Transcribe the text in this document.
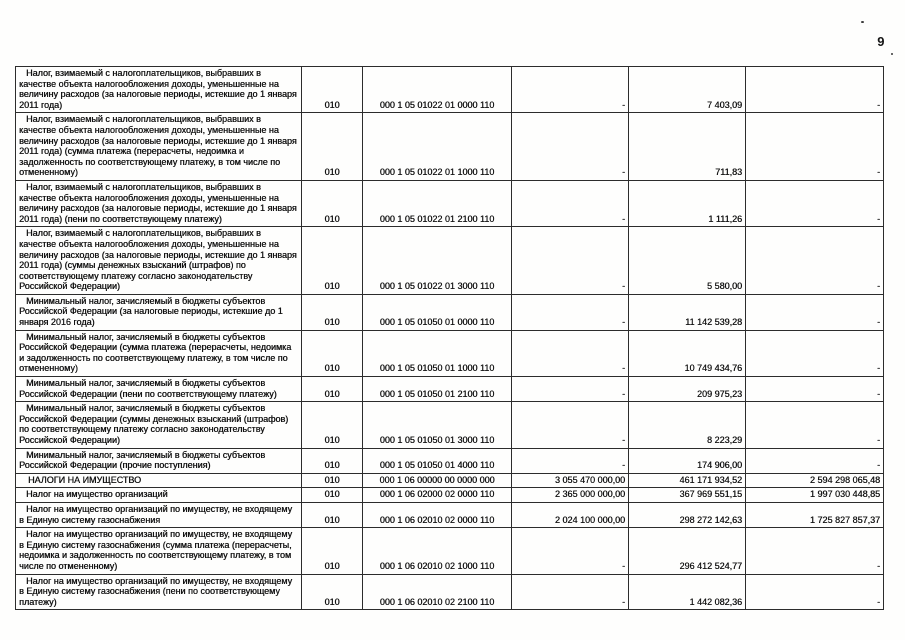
9
Налог, взимаемый с налогоплательщиков, выбравших в качестве объекта налогообложения доходы, уменьшенные на величину расходов (за налоговые периоды, истекшие до 1 января 2011 года)	010	000 1 05 01022 01 0000 110	-	7 403,09	-
Налог, взимаемый с налогоплательщиков, выбравших в качестве объекта налогообложения доходы, уменьшенные на величину расходов (за налоговые периоды, истекшие до 1 января 2011 года) (сумма платежа (перерасчеты, недоимка и задолженность по соответствующему платежу, в том числе по отмененному)	010	000 1 05 01022 01 1000 110	-	711,83	-
Налог, взимаемый с налогоплательщиков, выбравших в качестве объекта налогообложения доходы, уменьшенные на величину расходов (за налоговые периоды, истекшие до 1 января 2011 года) (пени по соответствующему платежу)	010	000 1 05 01022 01 2100 110	-	1 111,26	-
Налог, взимаемый с налогоплательщиков, выбравших в качестве объекта налогообложения доходы, уменьшенные на величину расходов (за налоговые периоды, истекшие до 1 января 2011 года) (суммы денежных взысканий (штрафов) по соответствующему платежу согласно законодательству Российской Федерации)	010	000 1 05 01022 01 3000 110	-	5 580,00	-
Минимальный налог, зачисляемый в бюджеты субъектов Российской Федерации (за налоговые периоды, истекшие до 1 января 2016 года)	010	000 1 05 01050 01 0000 110	-	11 142 539,28	-
Минимальный налог, зачисляемый в бюджеты субъектов Российской Федерации (сумма платежа (перерасчеты, недоимка и задолженность по соответствующему платежу, в том числе по отмененному)	010	000 1 05 01050 01 1000 110	-	10 749 434,76	-
Минимальный налог, зачисляемый в бюджеты субъектов Российской Федерации (пени по соответствующему платежу)	010	000 1 05 01050 01 2100 110	-	209 975,23	-
Минимальный налог, зачисляемый в бюджеты субъектов Российской Федерации (суммы денежных взысканий (штрафов) по соответствующему платежу согласно законодательству Российской Федерации)	010	000 1 05 01050 01 3000 110	-	8 223,29	-
Минимальный налог, зачисляемый в бюджеты субъектов Российской Федерации (прочие поступления)	010	000 1 05 01050 01 4000 110	-	174 906,00	-
НАЛОГИ НА ИМУЩЕСТВО	010	000 1 06 00000 00 0000 000	3 055 470 000,00	461 171 934,52	2 594 298 065,48
Налог на имущество организаций	010	000 1 06 02000 02 0000 110	2 365 000 000,00	367 969 551,15	1 997 030 448,85
Налог на имущество организаций по имуществу, не входящему в Единую систему газоснабжения	010	000 1 06 02010 02 0000 110	2 024 100 000,00	298 272 142,63	1 725 827 857,37
Налог на имущество организаций по имуществу, не входящему в Единую систему газоснабжения (сумма платежа (перерасчеты, недоимка и задолженность по соответствующему платежу, в том числе по отмененному)	010	000 1 06 02010 02 1000 110	-	296 412 524,77	-
Налог на имущество организаций по имуществу, не входящему в Единую систему газоснабжения (пени по соответствующему платежу)	010	000 1 06 02010 02 2100 110	-	1 442 082,36	-
